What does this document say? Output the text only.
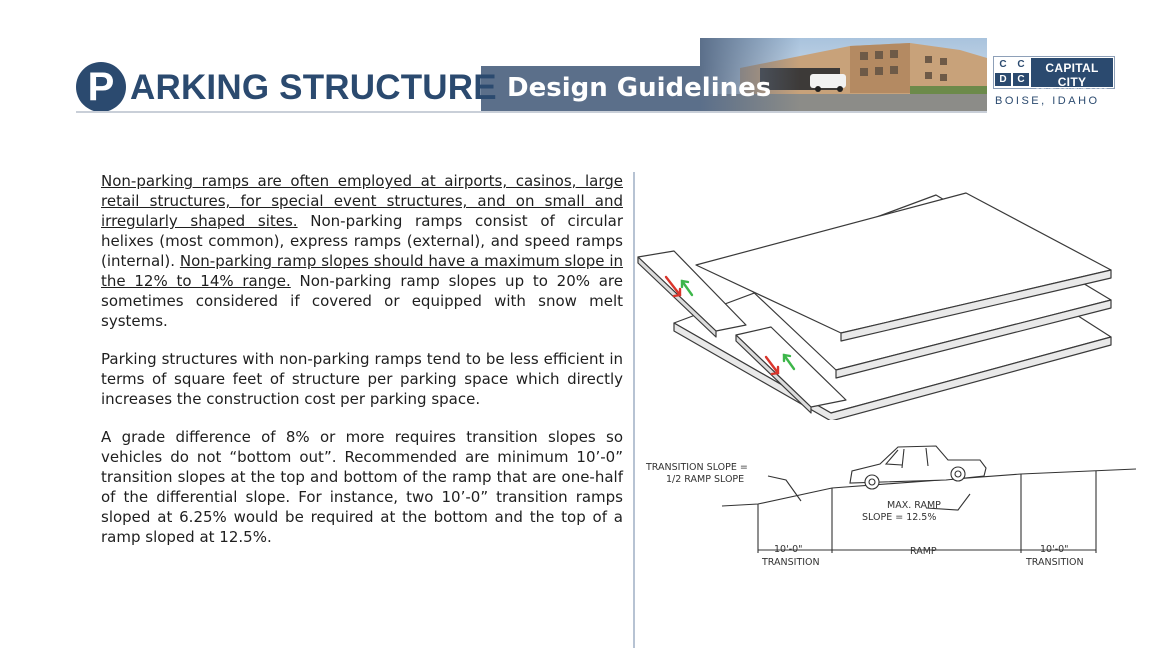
P ARKING STRUCTURE Design Guidelines
C	C
D	C
CAPITAL CITY
DEVELOPMENT CORP
BOISE, IDAHO

Non-parking ramps are often employed at airports, casinos, large retail structures, for special event structures, and on small and irregularly shaped sites. Non-parking ramps consist of circular helixes (most common), express ramps (external), and speed ramps (internal). Non-parking ramp slopes should have a maximum slope in the 12% to 14% range. Non-parking ramp slopes up to 20% are sometimes considered if covered or equipped with snow melt systems.

Parking structures with non-parking ramps tend to be less efficient in terms of square feet of structure per parking space which directly increases the construction cost per parking space.

A grade difference of 8% or more requires transition slopes so vehicles do not “bottom out”. Recommended are minimum 10’-0” transition slopes at the top and bottom of the ramp that are one-half of the differential slope. For instance, two 10’-0” transition ramps sloped at 6.25% would be required at the bottom and the top of a ramp sloped at 12.5%.

TRANSITION SLOPE =
1/2 RAMP SLOPE
MAX. RAMP
SLOPE = 12.5%
10'-0"
TRANSITION
RAMP	10'-0"
TRANSITION
